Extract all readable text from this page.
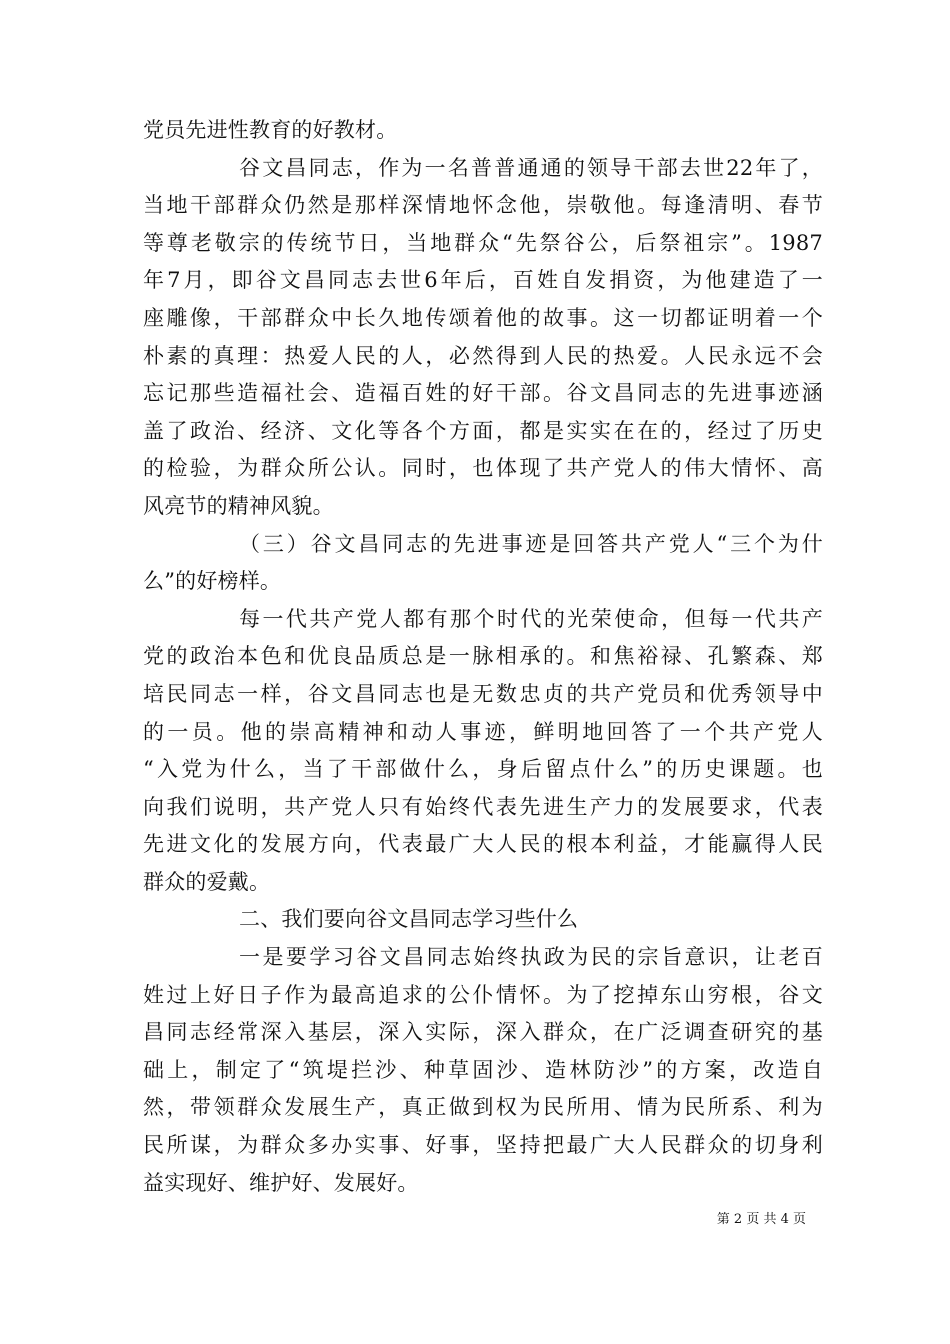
党员先进性教育的好教材。
谷文昌同志，作为一名普普通通的领导干部去世22年了，
当地干部群众仍然是那样深情地怀念他，崇敬他。每逢清明、春节
等尊老敬宗的传统节日，当地群众“先祭谷公，后祭祖宗”。1987
年7月，即谷文昌同志去世6年后，百姓自发捐资，为他建造了一
座雕像，干部群众中长久地传颂着他的故事。这一切都证明着一个
朴素的真理：热爱人民的人，必然得到人民的热爱。人民永远不会
忘记那些造福社会、造福百姓的好干部。谷文昌同志的先进事迹涵
盖了政治、经济、文化等各个方面，都是实实在在的，经过了历史
的检验，为群众所公认。同时，也体现了共产党人的伟大情怀、高
风亮节的精神风貌。
（三）谷文昌同志的先进事迹是回答共产党人“三个为什
么”的好榜样。
每一代共产党人都有那个时代的光荣使命，但每一代共产
党的政治本色和优良品质总是一脉相承的。和焦裕禄、孔繁森、郑
培民同志一样，谷文昌同志也是无数忠贞的共产党员和优秀领导中
的一员。他的崇高精神和动人事迹，鲜明地回答了一个共产党人
“入党为什么，当了干部做什么，身后留点什么”的历史课题。也
向我们说明，共产党人只有始终代表先进生产力的发展要求，代表
先进文化的发展方向，代表最广大人民的根本利益，才能赢得人民
群众的爱戴。
二、我们要向谷文昌同志学习些什么
一是要学习谷文昌同志始终执政为民的宗旨意识，让老百
姓过上好日子作为最高追求的公仆情怀。为了挖掉东山穷根，谷文
昌同志经常深入基层，深入实际，深入群众，在广泛调查研究的基
础上，制定了“筑堤拦沙、种草固沙、造林防沙”的方案，改造自
然，带领群众发展生产，真正做到权为民所用、情为民所系、利为
民所谋，为群众多办实事、好事，坚持把最广大人民群众的切身利
益实现好、维护好、发展好。
第 2 页 共 4 页
